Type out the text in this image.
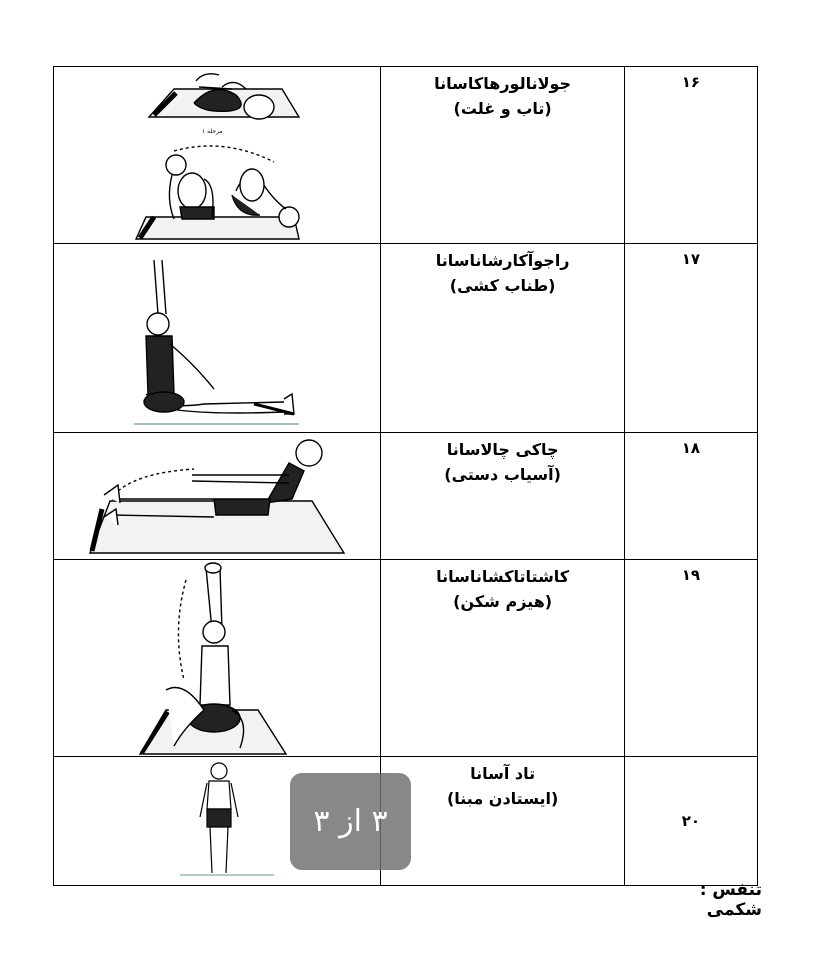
مرحله ۱	جولانالورهاکاسانا
(تاب و غلت)	۱۶

راجوآکارشاناسانا
(طناب کشی)	۱۷

چاکی چالاسانا
(آسیاب دستی)	۱۸

کاشتاتاکشاناسانا
(هیزم شکن)	۱۹

تاد آسانا
(ایستادن مبنا)	۲۰
تنفس : شکمی
۳ از ۳
